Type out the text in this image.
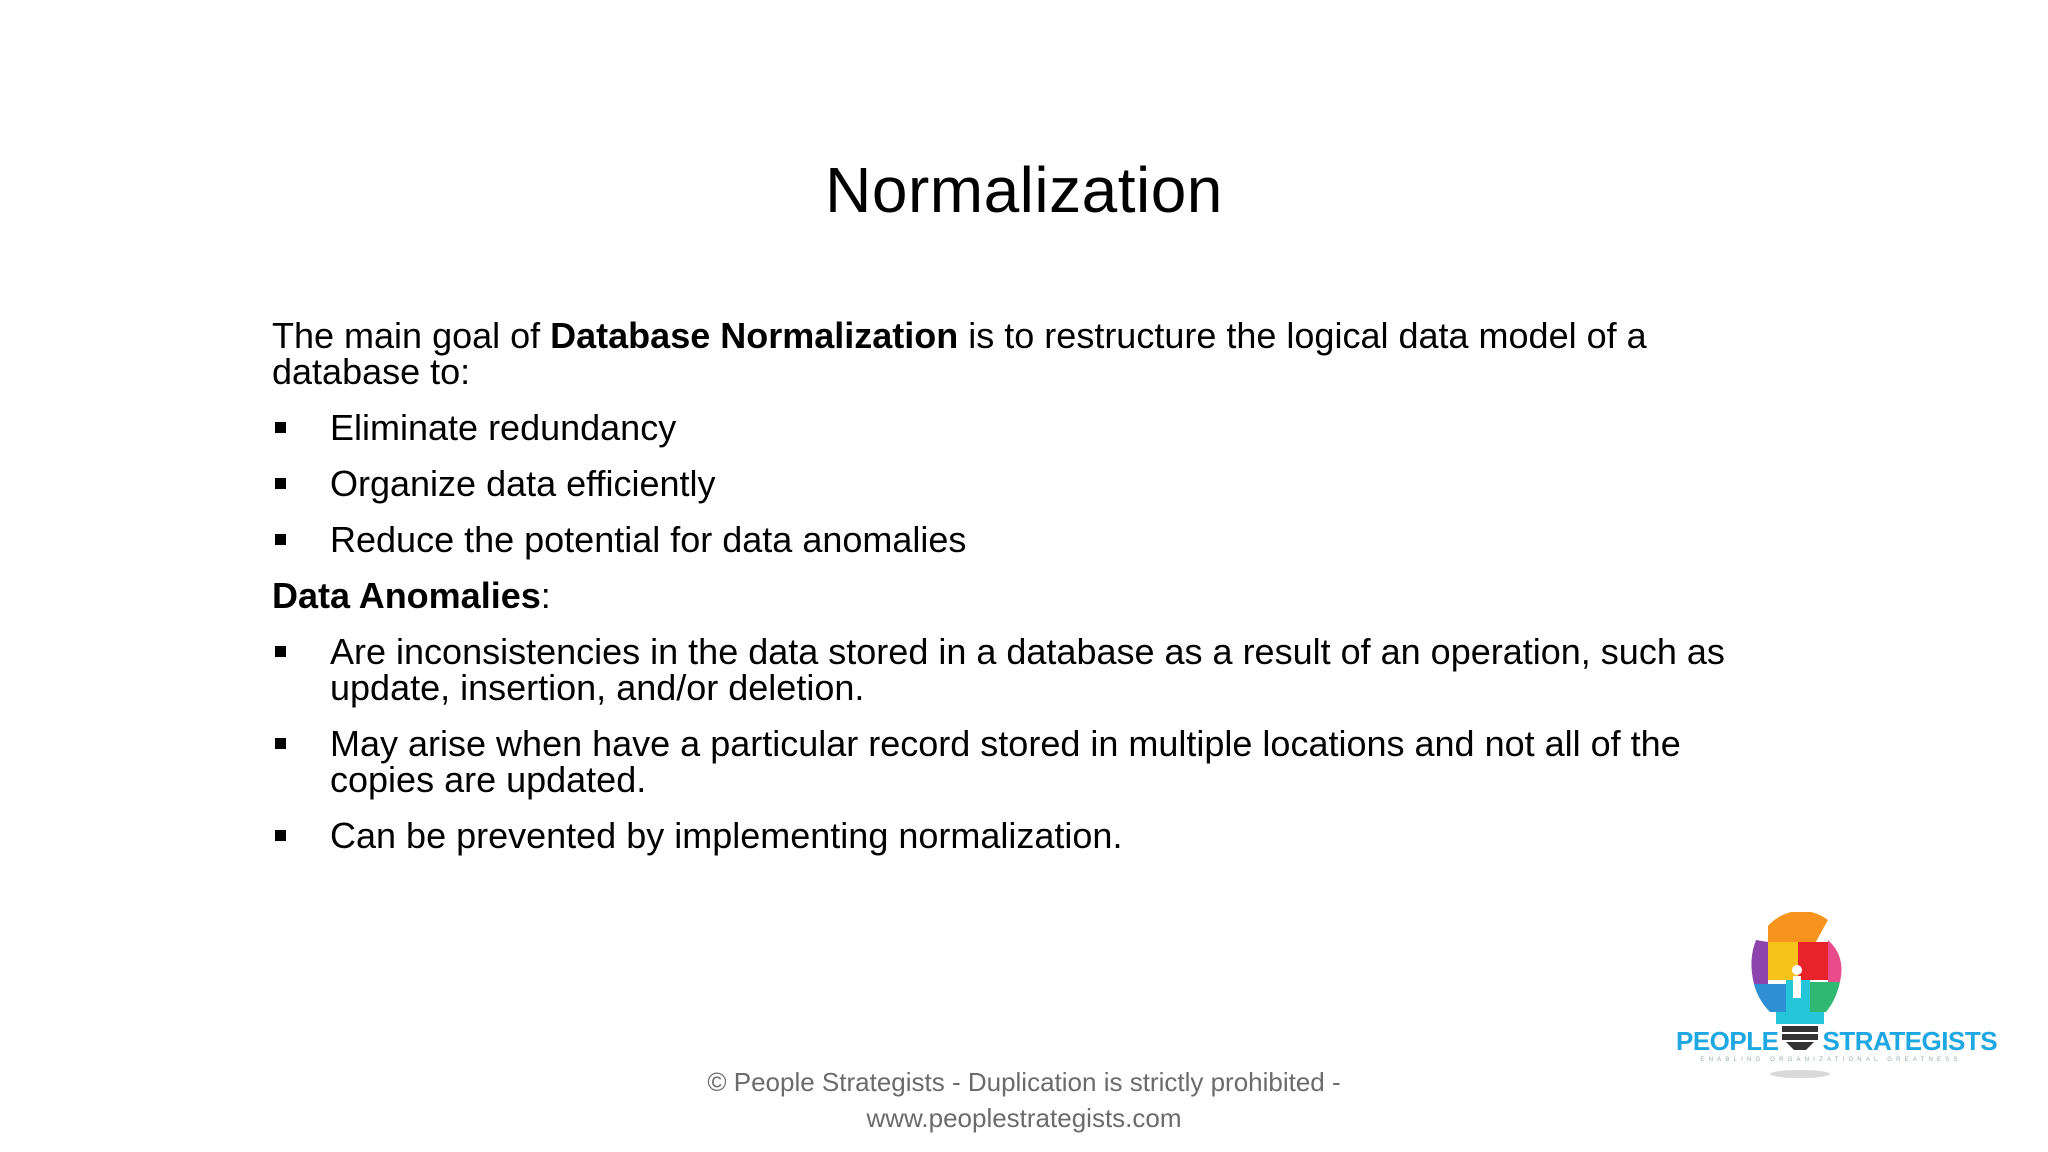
Normalization

The main goal of Database Normalization is to restructure the logical data model of a database to:

Eliminate redundancy
Organize data efficiently
Reduce the potential for data anomalies

Data Anomalies:

Are inconsistencies in the data stored in a database as a result of an operation, such as update, insertion, and/or deletion.
May arise when have a particular record stored in multiple locations and not all of the copies are updated.
Can be prevented by implementing normalization.
PEOPLE STRATEGISTS
ENABLING ORGANIZATIONAL GREATNESS
© People Strategists - Duplication is strictly prohibited -
www.peoplestrategists.com
